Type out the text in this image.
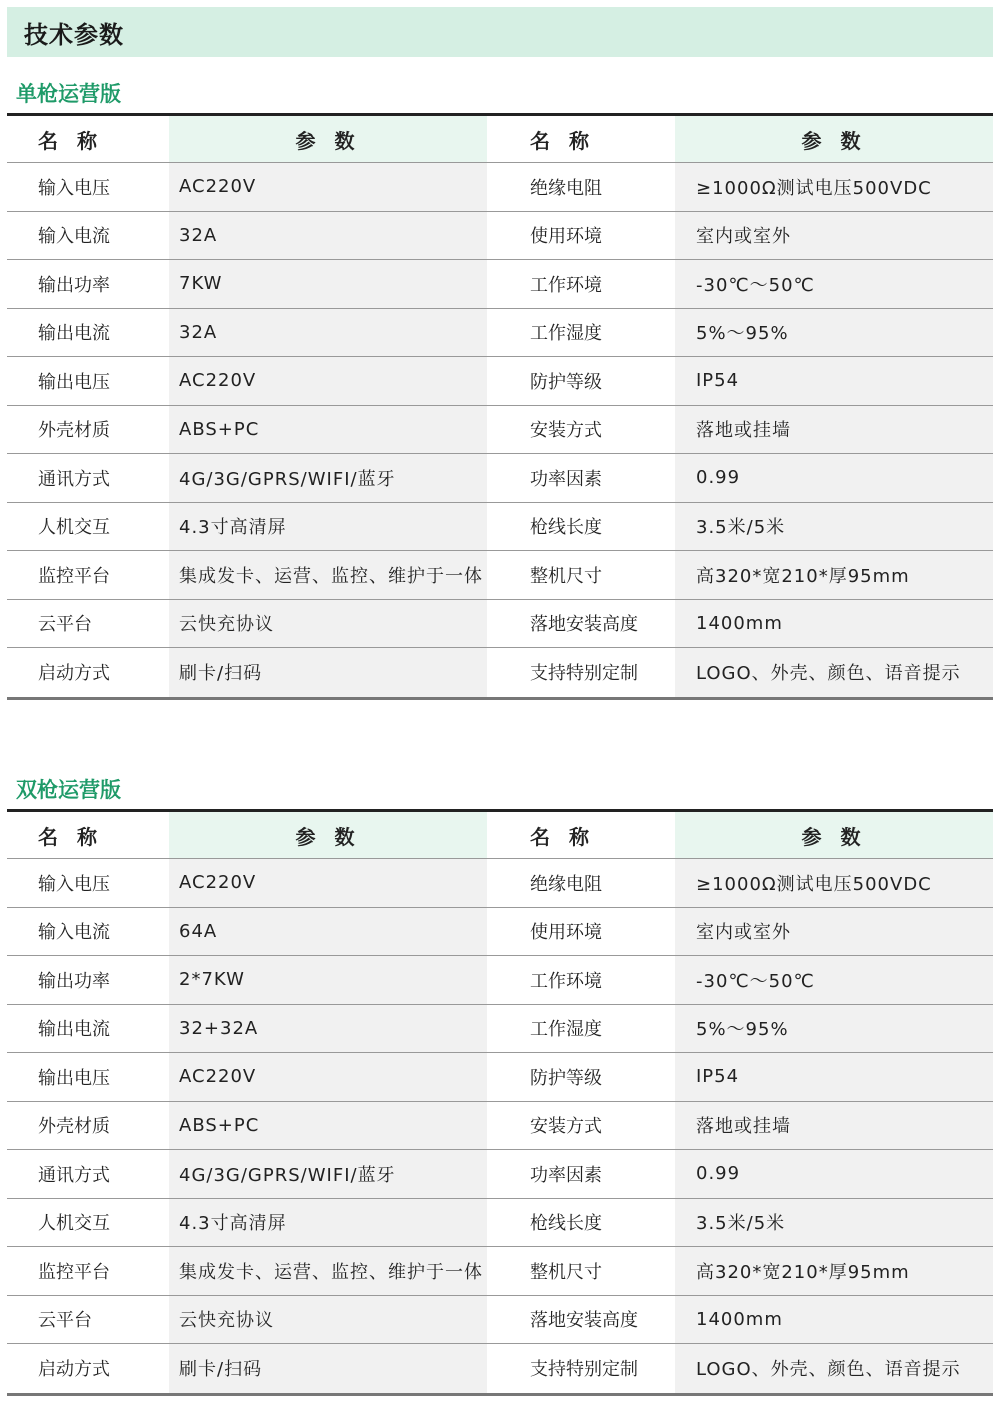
技术参数
单枪运营版
名 称	参 数	名 称	参 数
输入电压	AC220V	绝缘电阻	≥1000Ω测试电压500VDC
输入电流	32A	使用环境	室内或室外
输出功率	7KW	工作环境	-30℃～50℃
输出电流	32A	工作湿度	5%～95%
输出电压	AC220V	防护等级	IP54
外壳材质	ABS+PC	安装方式	落地或挂墙
通讯方式	4G/3G/GPRS/WIFI/蓝牙	功率因素	0.99
人机交互	4.3寸高清屏	枪线长度	3.5米/5米
监控平台	集成发卡、运营、监控、维护于一体	整机尺寸	高320*宽210*厚95mm
云平台	云快充协议	落地安装高度	1400mm
启动方式	刷卡/扫码	支持特别定制	LOGO、外壳、颜色、语音提示
双枪运营版
名 称	参 数	名 称	参 数
输入电压	AC220V	绝缘电阻	≥1000Ω测试电压500VDC
输入电流	64A	使用环境	室内或室外
输出功率	2*7KW	工作环境	-30℃～50℃
输出电流	32+32A	工作湿度	5%～95%
输出电压	AC220V	防护等级	IP54
外壳材质	ABS+PC	安装方式	落地或挂墙
通讯方式	4G/3G/GPRS/WIFI/蓝牙	功率因素	0.99
人机交互	4.3寸高清屏	枪线长度	3.5米/5米
监控平台	集成发卡、运营、监控、维护于一体	整机尺寸	高320*宽210*厚95mm
云平台	云快充协议	落地安装高度	1400mm
启动方式	刷卡/扫码	支持特别定制	LOGO、外壳、颜色、语音提示
